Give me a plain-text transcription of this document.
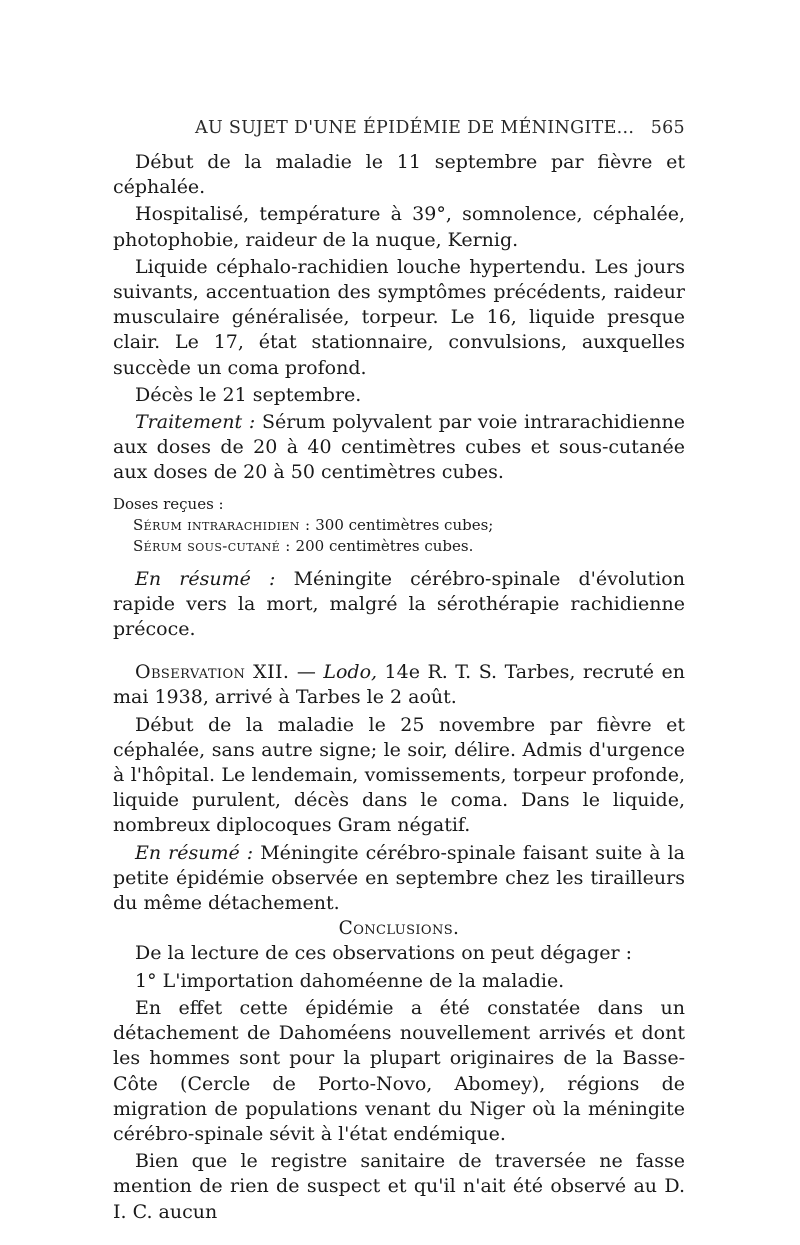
AU SUJET D'UNE ÉPIDÉMIE DE MÉNINGITE... 565

Début de la maladie le 11 septembre par fièvre et céphalée.

Hospitalisé, température à 39°, somnolence, céphalée, photophobie, raideur de la nuque, Kernig.

Liquide céphalo-rachidien louche hypertendu. Les jours suivants, accentuation des symptômes précédents, raideur musculaire généralisée, torpeur. Le 16, liquide presque clair. Le 17, état stationnaire, convulsions, auxquelles succède un coma profond.

Décès le 21 septembre.

Traitement : Sérum polyvalent par voie intrarachidienne aux doses de 20 à 40 centimètres cubes et sous-cutanée aux doses de 20 à 50 centimètres cubes.

Doses reçues :

Sérum intrarachidien : 300 centimètres cubes;

Sérum sous-cutané : 200 centimètres cubes.

En résumé : Méningite cérébro-spinale d'évolution rapide vers la mort, malgré la sérothérapie rachidienne précoce.

Observation XII. — Lodo, 14e R. T. S. Tarbes, recruté en mai 1938, arrivé à Tarbes le 2 août.

Début de la maladie le 25 novembre par fièvre et céphalée, sans autre signe; le soir, délire. Admis d'urgence à l'hôpital. Le lendemain, vomissements, torpeur profonde, liquide purulent, décès dans le coma. Dans le liquide, nombreux diplocoques Gram négatif.

En résumé : Méningite cérébro-spinale faisant suite à la petite épidémie observée en septembre chez les tirailleurs du même détachement.

Conclusions.

De la lecture de ces observations on peut dégager :

1° L'importation dahoméenne de la maladie.

En effet cette épidémie a été constatée dans un détachement de Dahoméens nouvellement arrivés et dont les hommes sont pour la plupart originaires de la Basse-Côte (Cercle de Porto-Novo, Abomey), régions de migration de populations venant du Niger où la méningite cérébro-spinale sévit à l'état endémique.

Bien que le registre sanitaire de traversée ne fasse mention de rien de suspect et qu'il n'ait été observé au D. I. C. aucun
